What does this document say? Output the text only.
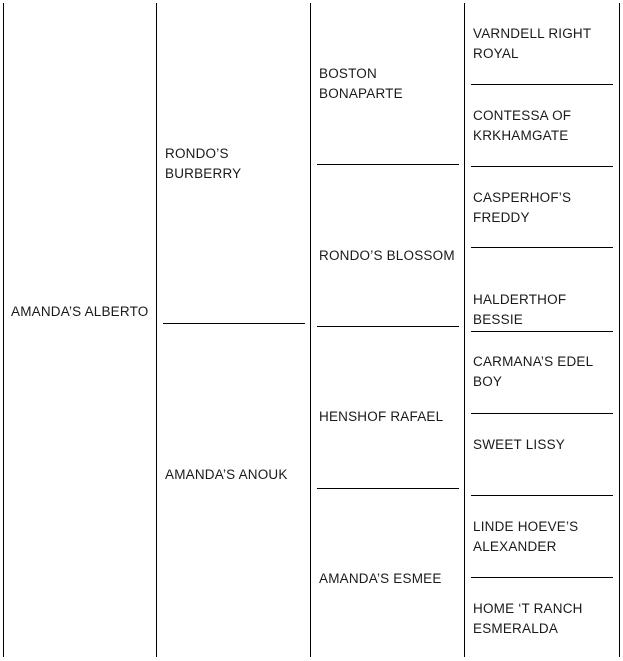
AMANDA’S ALBERTO
RONDO’S BURBERRY
AMANDA’S ANOUK
BOSTON BONAPARTE
RONDO’S BLOSSOM
HENSHOF RAFAEL
AMANDA’S ESMEE
VARNDELL RIGHT ROYAL
CONTESSA OF KRKHAMGATE
CASPERHOF’S FREDDY
HALDERTHOF BESSIE
CARMANA’S EDEL BOY
SWEET LISSY
LINDE HOEVE’S ALEXANDER
HOME ‘T RANCH ESMERALDA
